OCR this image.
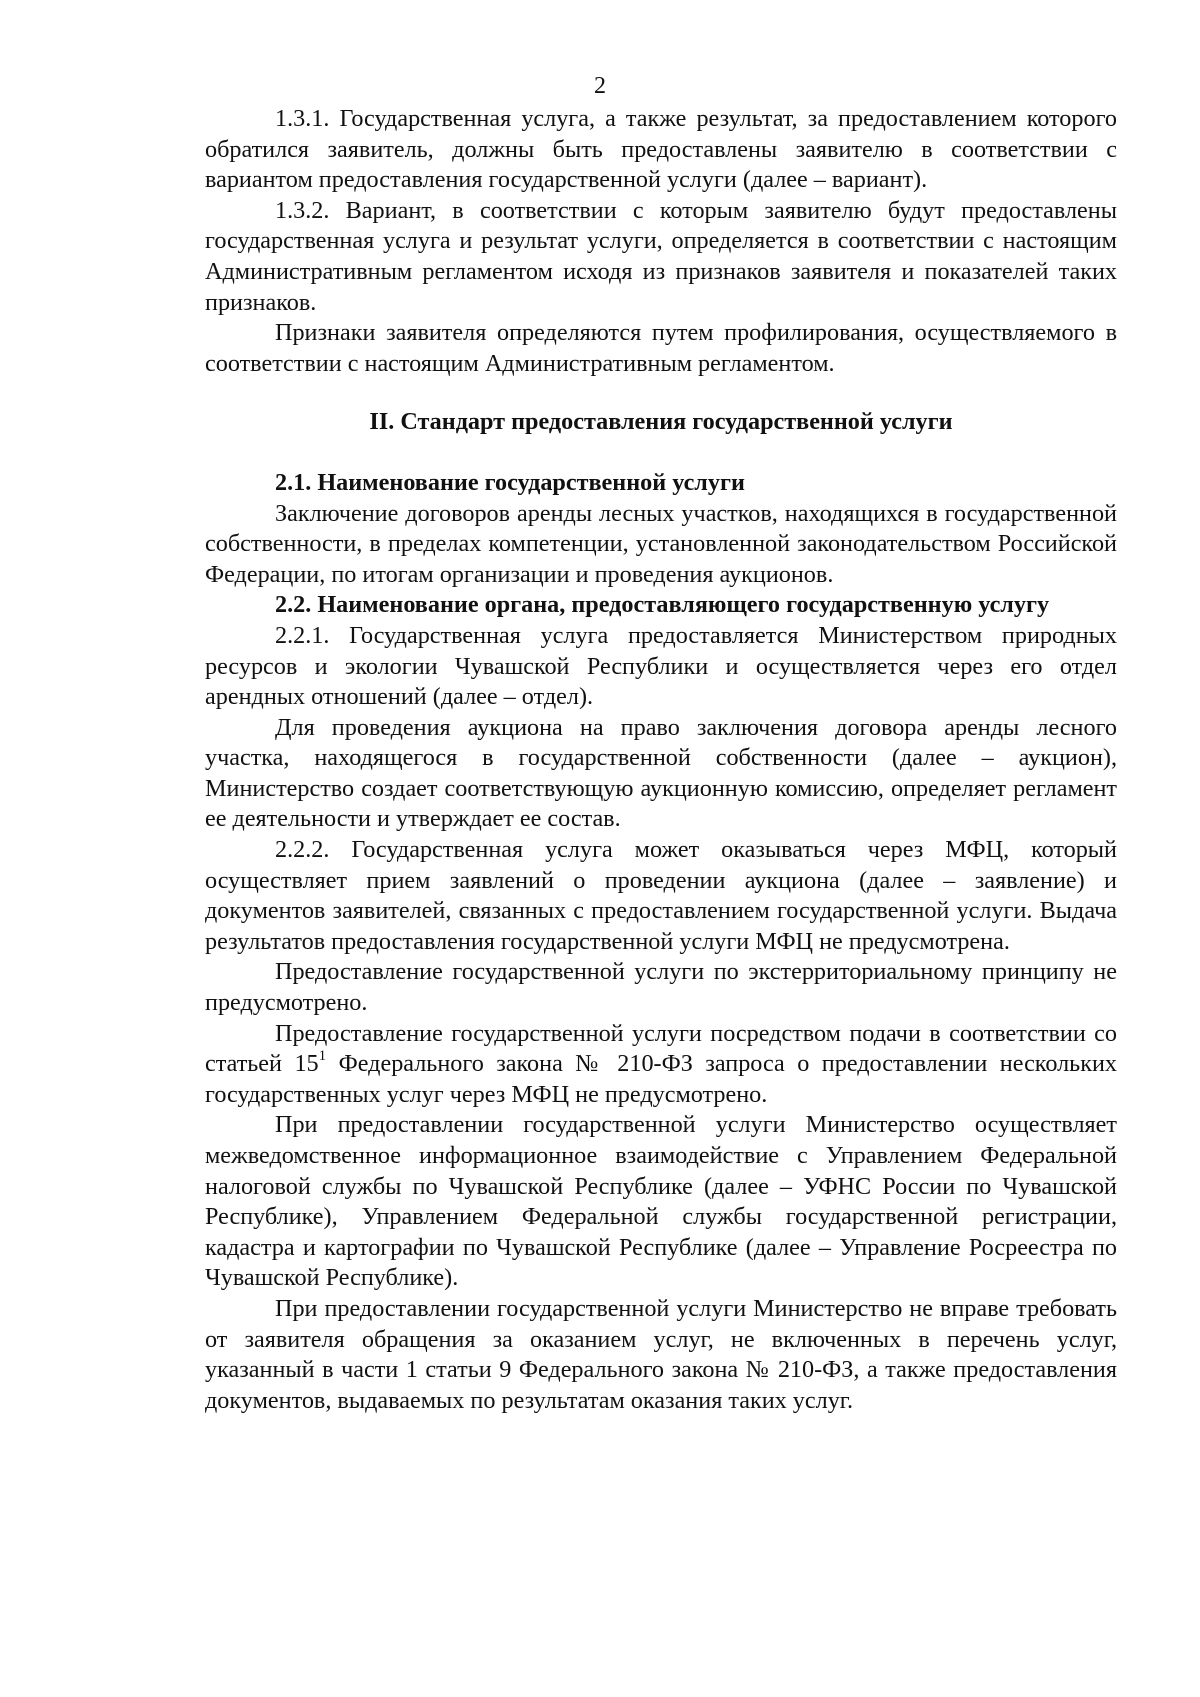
2

1.3.1. Государственная услуга, а также результат, за предоставлением которого обратился заявитель, должны быть предоставлены заявителю в соответствии с вариантом предоставления государственной услуги (далее – вариант).

1.3.2. Вариант, в соответствии с которым заявителю будут предоставлены государственная услуга и результат услуги, определяется в соответствии с настоящим Административным регламентом исходя из признаков заявителя и показателей таких признаков.

Признаки заявителя определяются путем профилирования, осуществляемого в соответствии с настоящим Административным регламентом.

II. Стандарт предоставления государственной услуги

2.1. Наименование государственной услуги

Заключение договоров аренды лесных участков, находящихся в государственной собственности, в пределах компетенции, установленной законодательством Российской Федерации, по итогам организации и проведения аукционов.

2.2. Наименование органа, предоставляющего государственную услугу

2.2.1. Государственная услуга предоставляется Министерством природных ресурсов и экологии Чувашской Республики и осуществляется через его отдел арендных отношений (далее – отдел).

Для проведения аукциона на право заключения договора аренды лесного участка, находящегося в государственной собственности (далее – аукцион), Министерство создает соответствующую аукционную комиссию, определяет регламент ее деятельности и утверждает ее состав.

2.2.2. Государственная услуга может оказываться через МФЦ, который осуществляет прием заявлений о проведении аукциона (далее – заявление) и документов заявителей, связанных с предоставлением государственной услуги. Выдача результатов предоставления государственной услуги МФЦ не предусмотрена.

Предоставление государственной услуги по экстерриториальному принципу не предусмотрено.

Предоставление государственной услуги посредством подачи в соответствии со статьей $15^1$ Федерального закона № 210-ФЗ запроса о предоставлении нескольких государственных услуг через МФЦ не предусмотрено.

При предоставлении государственной услуги Министерство осуществляет межведомственное информационное взаимодействие с Управлением Федеральной налоговой службы по Чувашской Республике (далее – УФНС России по Чувашской Республике), Управлением Федеральной службы государственной регистрации, кадастра и картографии по Чувашской Республике (далее – Управление Росреестра по Чувашской Республике).

При предоставлении государственной услуги Министерство не вправе требовать от заявителя обращения за оказанием услуг, не включенных в перечень услуг, указанный в части 1 статьи 9 Федерального закона № 210-ФЗ, а также предоставления документов, выдаваемых по результатам оказания таких услуг.
